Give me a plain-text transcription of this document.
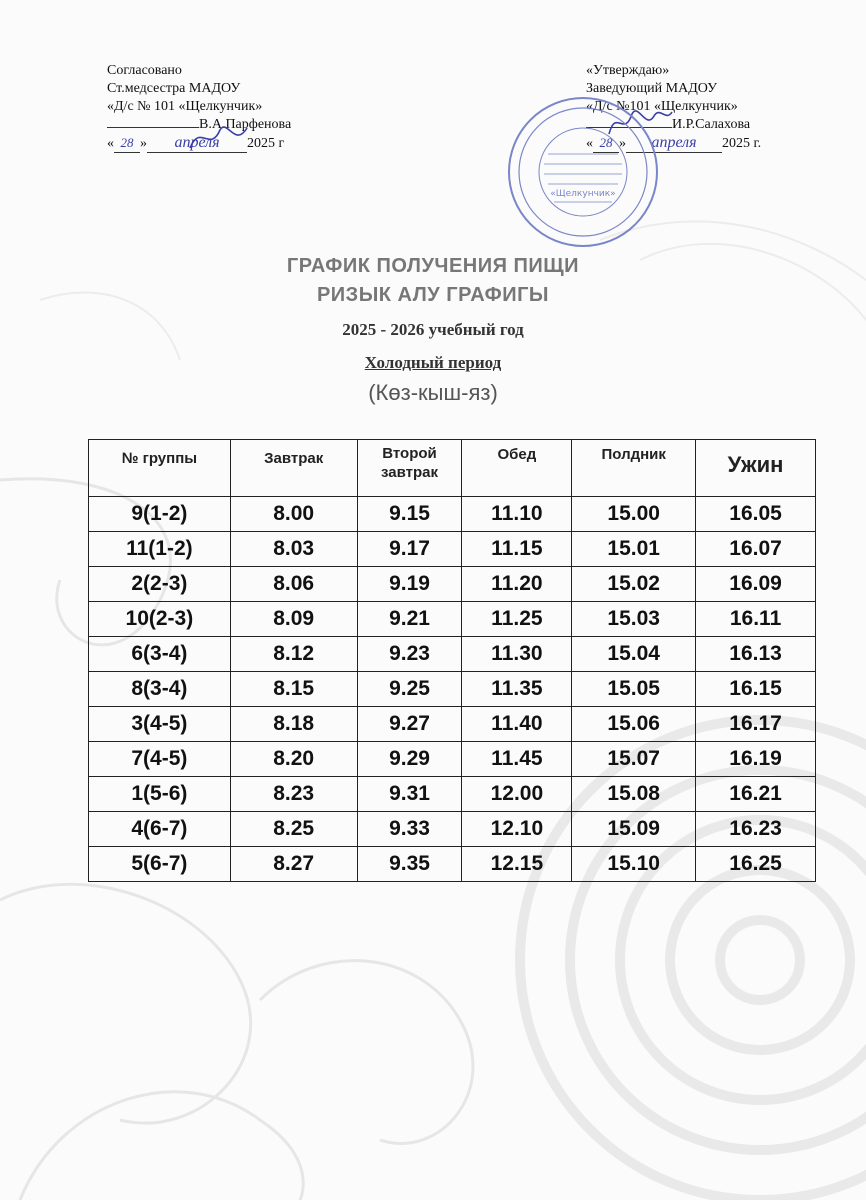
Согласовано
Ст.медсестра МАДОУ
«Д/с № 101 «Щелкунчик»
В.А.Парфенова
« 28 » апреля 2025 г
«Утверждаю»
Заведующий МАДОУ
«Д/с №101 «Щелкунчик»
И.Р.Салахова
« 28 » апреля 2025 г.
«Щелкунчик»
ГРАФИК ПОЛУЧЕНИЯ ПИЩИ
РИЗЫК АЛУ ГРАФИГЫ
2025 - 2026 учебный год
Холодный период
(Көз-кыш-яз)
№ группы	Завтрак	Второй завтрак	Обед	Полдник	Ужин
9(1-2)	8.00	9.15	11.10	15.00	16.05
11(1-2)	8.03	9.17	11.15	15.01	16.07
2(2-3)	8.06	9.19	11.20	15.02	16.09
10(2-3)	8.09	9.21	11.25	15.03	16.11
6(3-4)	8.12	9.23	11.30	15.04	16.13
8(3-4)	8.15	9.25	11.35	15.05	16.15
3(4-5)	8.18	9.27	11.40	15.06	16.17
7(4-5)	8.20	9.29	11.45	15.07	16.19
1(5-6)	8.23	9.31	12.00	15.08	16.21
4(6-7)	8.25	9.33	12.10	15.09	16.23
5(6-7)	8.27	9.35	12.15	15.10	16.25
